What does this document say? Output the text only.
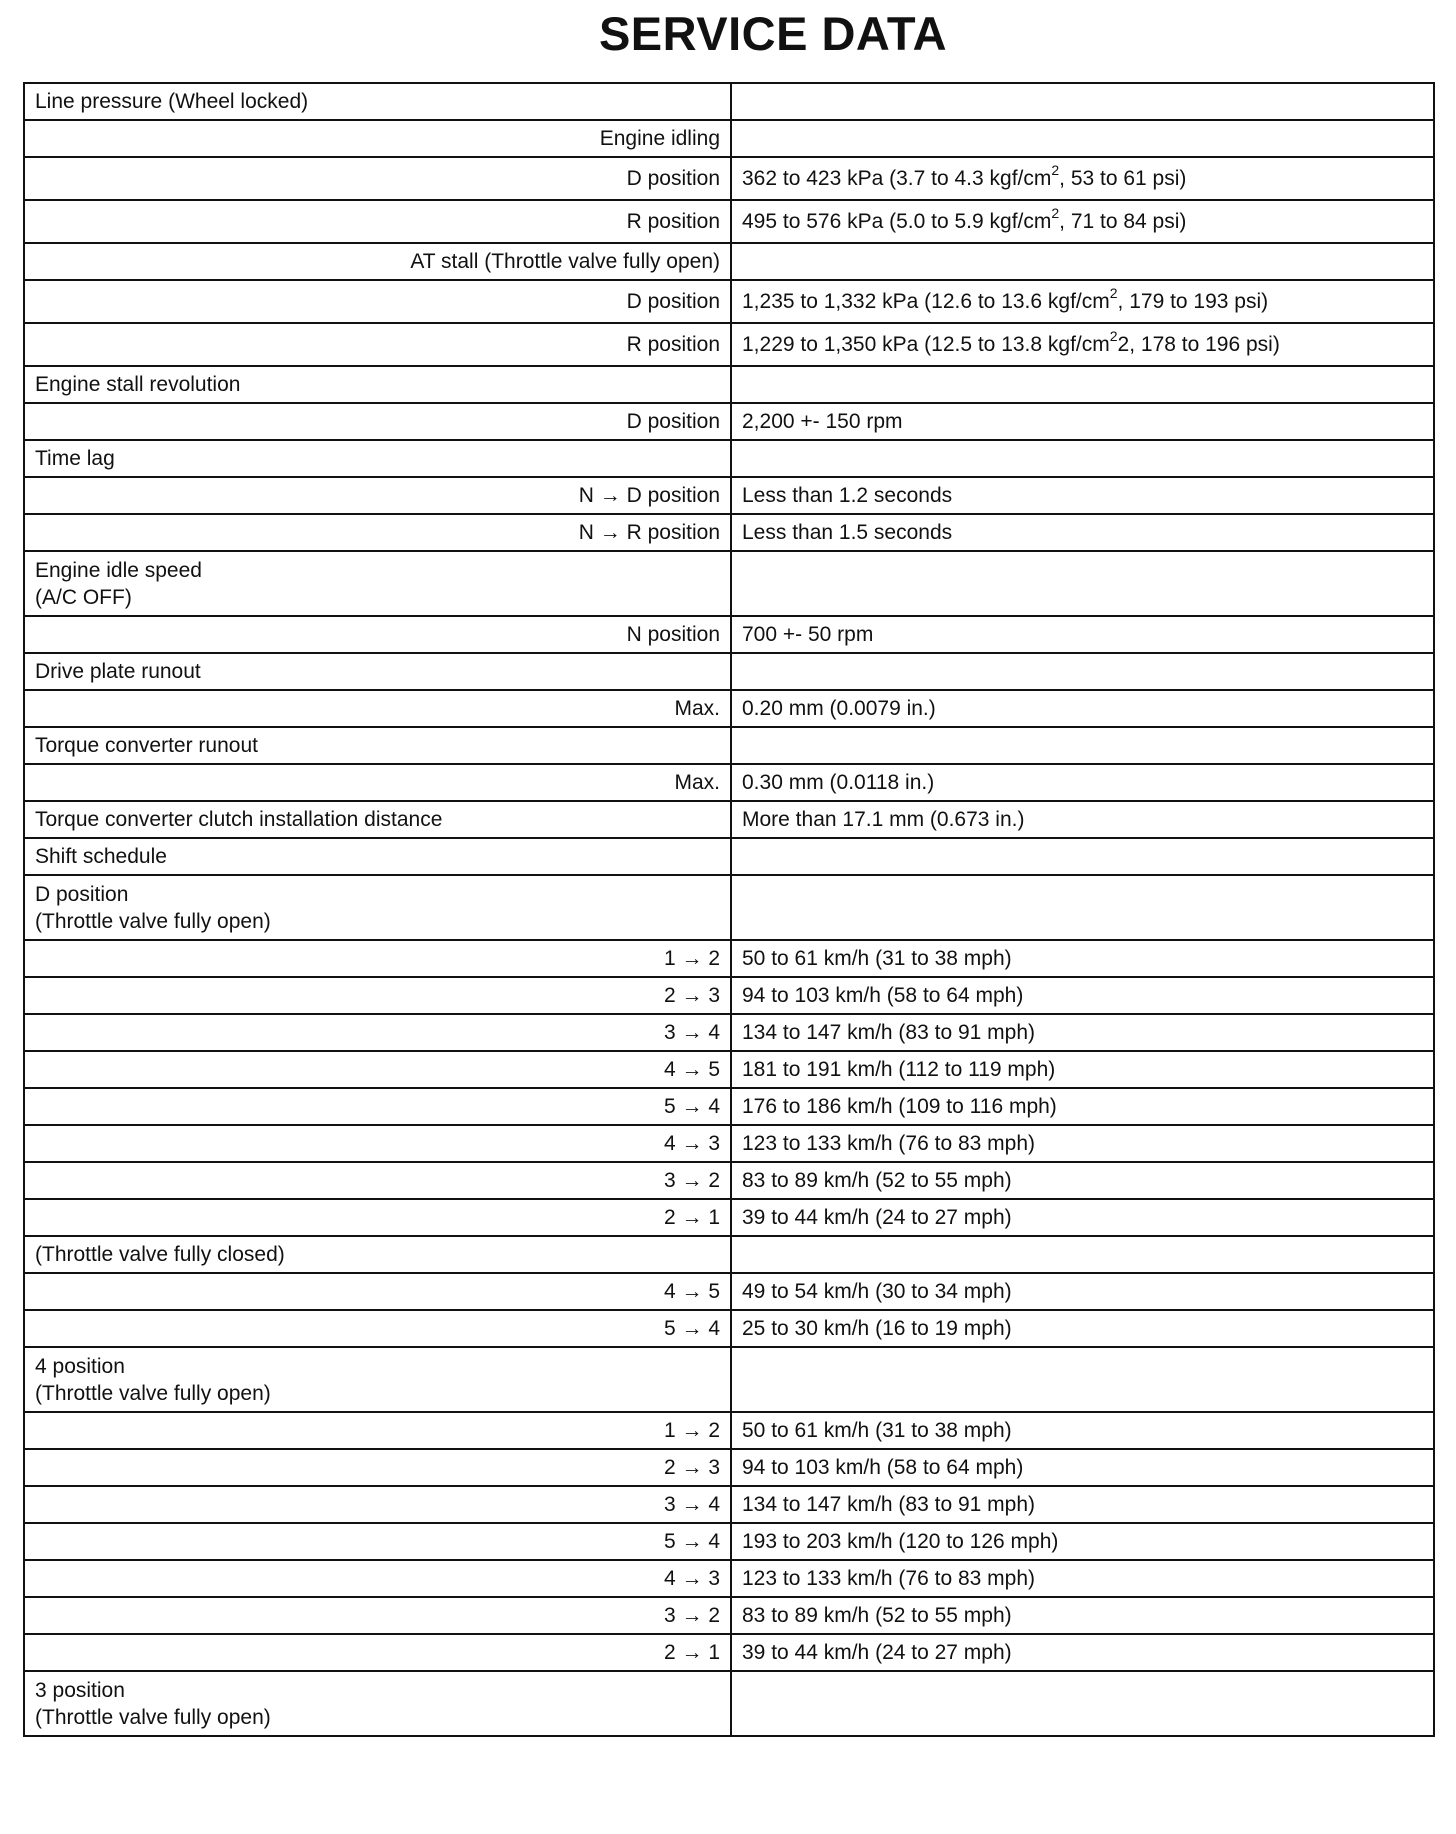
SERVICE DATA
Line pressure (Wheel locked)	
Engine idling	
D position	362 to 423 kPa (3.7 to 4.3 kgf/$cm^2$, 53 to 61 psi)
R position	495 to 576 kPa (5.0 to 5.9 kgf/$cm^2$, 71 to 84 psi)
AT stall (Throttle valve fully open)	
D position	1,235 to 1,332 kPa (12.6 to 13.6 kgf/$cm^2$, 179 to 193 psi)
R position	1,229 to 1,350 kPa (12.5 to 13.8 kgf/$cm^22$, 178 to 196 psi)
Engine stall revolution	
D position	2,200 +- 150 rpm
Time lag	
N → D position	Less than 1.2 seconds
N → R position	Less than 1.5 seconds
Engine idle speed
(A/C OFF)	
N position	700 +- 50 rpm
Drive plate runout	
Max.	0.20 mm (0.0079 in.)
Torque converter runout	
Max.	0.30 mm (0.0118 in.)
Torque converter clutch installation distance	More than 17.1 mm (0.673 in.)
Shift schedule	
D position
(Throttle valve fully open)	
1 → 2	50 to 61 km/h (31 to 38 mph)
2 → 3	94 to 103 km/h (58 to 64 mph)
3 → 4	134 to 147 km/h (83 to 91 mph)
4 → 5	181 to 191 km/h (112 to 119 mph)
5 → 4	176 to 186 km/h (109 to 116 mph)
4 → 3	123 to 133 km/h (76 to 83 mph)
3 → 2	83 to 89 km/h (52 to 55 mph)
2 → 1	39 to 44 km/h (24 to 27 mph)
(Throttle valve fully closed)	
4 → 5	49 to 54 km/h (30 to 34 mph)
5 → 4	25 to 30 km/h (16 to 19 mph)
4 position
(Throttle valve fully open)	
1 → 2	50 to 61 km/h (31 to 38 mph)
2 → 3	94 to 103 km/h (58 to 64 mph)
3 → 4	134 to 147 km/h (83 to 91 mph)
5 → 4	193 to 203 km/h (120 to 126 mph)
4 → 3	123 to 133 km/h (76 to 83 mph)
3 → 2	83 to 89 km/h (52 to 55 mph)
2 → 1	39 to 44 km/h (24 to 27 mph)
3 position
(Throttle valve fully open)	
